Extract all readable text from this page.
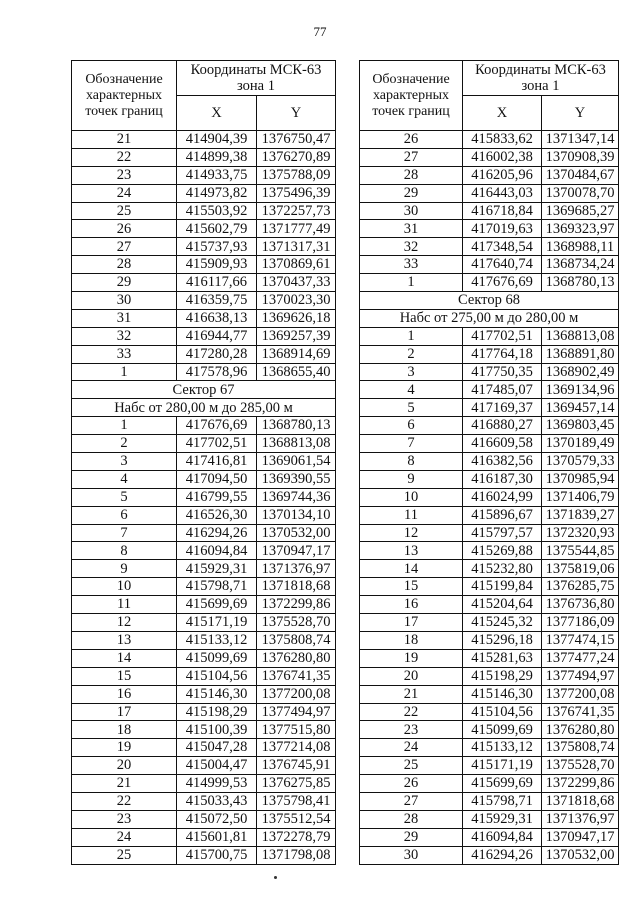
77
Обозначение характерных точек границ	Координаты МСК-63 зона 1	
	X	Y
21	414904,39	1376750,47
22	414899,38	1376270,89
23	414933,75	1375788,09
24	414973,82	1375496,39
25	415503,92	1372257,73
26	415602,79	1371777,49
27	415737,93	1371317,31
28	415909,93	1370869,61
29	416117,66	1370437,33
30	416359,75	1370023,30
31	416638,13	1369626,18
32	416944,77	1369257,39
33	417280,28	1368914,69
1	417578,96	1368655,40
Сектор 67		
Набс от 280,00 м до 285,00 м		
1	417676,69	1368780,13
2	417702,51	1368813,08
3	417416,81	1369061,54
4	417094,50	1369390,55
5	416799,55	1369744,36
6	416526,30	1370134,10
7	416294,26	1370532,00
8	416094,84	1370947,17
9	415929,31	1371376,97
10	415798,71	1371818,68
11	415699,69	1372299,86
12	415171,19	1375528,70
13	415133,12	1375808,74
14	415099,69	1376280,80
15	415104,56	1376741,35
16	415146,30	1377200,08
17	415198,29	1377494,97
18	415100,39	1377515,80
19	415047,28	1377214,08
20	415004,47	1376745,91
21	414999,53	1376275,85
22	415033,43	1375798,41
23	415072,50	1375512,54
24	415601,81	1372278,79
25	415700,75	1371798,08
Обозначение характерных точек границ	Координаты МСК-63 зона 1	
	X	Y
26	415833,62	1371347,14
27	416002,38	1370908,39
28	416205,96	1370484,67
29	416443,03	1370078,70
30	416718,84	1369685,27
31	417019,63	1369323,97
32	417348,54	1368988,11
33	417640,74	1368734,24
1	417676,69	1368780,13
Сектор 68		
Набс от 275,00 м до 280,00 м		
1	417702,51	1368813,08
2	417764,18	1368891,80
3	417750,35	1368902,49
4	417485,07	1369134,96
5	417169,37	1369457,14
6	416880,27	1369803,45
7	416609,58	1370189,49
8	416382,56	1370579,33
9	416187,30	1370985,94
10	416024,99	1371406,79
11	415896,67	1371839,27
12	415797,57	1372320,93
13	415269,88	1375544,85
14	415232,80	1375819,06
15	415199,84	1376285,75
16	415204,64	1376736,80
17	415245,32	1377186,09
18	415296,18	1377474,15
19	415281,63	1377477,24
20	415198,29	1377494,97
21	415146,30	1377200,08
22	415104,56	1376741,35
23	415099,69	1376280,80
24	415133,12	1375808,74
25	415171,19	1375528,70
26	415699,69	1372299,86
27	415798,71	1371818,68
28	415929,31	1371376,97
29	416094,84	1370947,17
30	416294,26	1370532,00
